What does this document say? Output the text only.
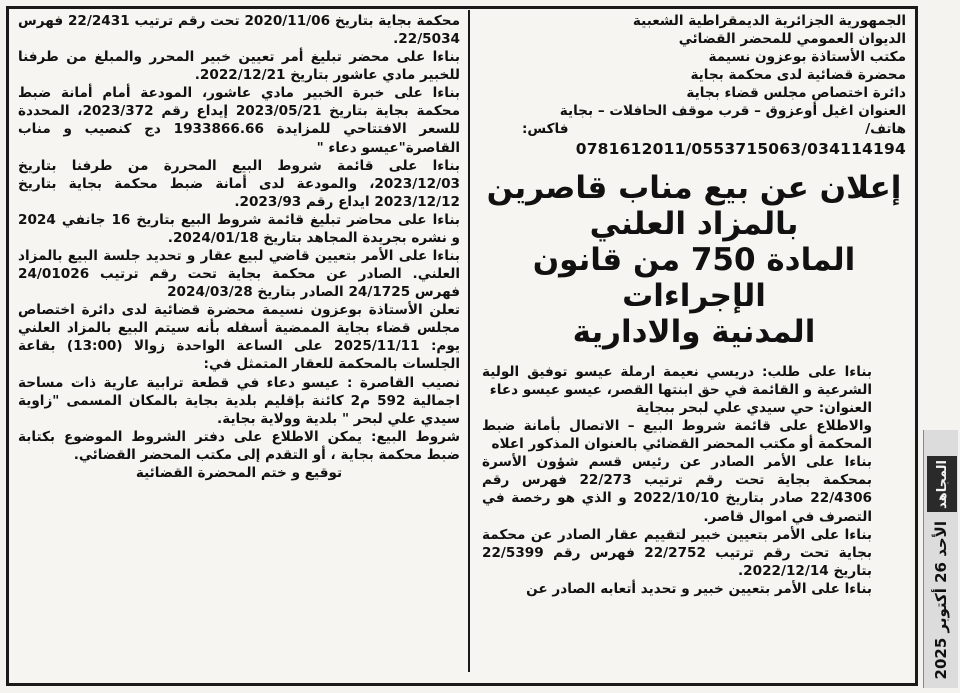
الجمهورية الجزائرية الديمقراطية الشعبية

الديوان العمومي للمحضر القضائي

مكتب الأستاذة بوعزون نسيمة

محضرة قضائية لدى محكمة بجاية

دائرة اختصاص مجلس قضاء بجاية

العنوان اغيل أوعزوق – قرب موقف الحافلات – بجاية

هاتف/
فاكس:

0781612011/0553715063/034114194

إعلان عن بيع مناب قاصرين

بالمزاد العلني

المادة 750 من قانون الإجراءات

المدنية والادارية

بناءا على طلب: دريسي نعيمة ارملة عيسو توفيق الولية الشرعية و القائمة في حق ابنتها القصر، عيسو عيسو دعاء

العنوان: حي سيدي علي لبحر ببجاية

والاطلاع على قائمة شروط البيع – الاتصال بأمانة ضبط المحكمة أو مكتب المحضر القضائي بالعنوان المذكور اعلاه

بناءا على الأمر الصادر عن رئيس قسم شؤون الأسرة بمحكمة بجاية تحت رقم ترتيب 22/273 فهرس رقم 22/4306 صادر بتاريخ 2022/10/10 و الذي هو رخصة في التصرف في اموال قاصر.

بناءا على الأمر بتعيين خبير لتقييم عقار الصادر عن محكمة بجاية تحت رقم ترتيب 22/2752 فهرس رقم 22/5399 بتاريخ 2022/12/14.

بناءا على الأمر بتعيين خبير و تحديد أتعابه الصادر عن

محكمة بجاية بتاريخ 2020/11/06 تحت رقم ترتيب 22/2431 فهرس 22/5034.

بناءا على محضر تبليغ أمر تعيين خبير المحرر والمبلغ من طرفنا للخبير مادي عاشور بتاريخ 2022/12/21.

بناءا على خبرة الخبير مادي عاشور، المودعة أمام أمانة ضبط محكمة بجاية بتاريخ 2023/05/21 إيداع رقم 2023/372، المحددة للسعر الافتتاحي للمزايدة 1933866.66 دج كنصيب و مناب القاصرة"عيسو دعاء "

بناءا على قائمة شروط البيع المحررة من طرفنا بتاريخ 2023/12/03، والمودعة لدى أمانة ضبط محكمة بجاية بتاريخ 2023/12/12 ايداع رقم 2023/93.

بناءا على محاضر تبليغ قائمة شروط البيع بتاريخ 16 جانفي 2024 و نشره بجريدة المجاهد بتاريخ 2024/01/18.

بناءا على الأمر بتعيين قاضي لبيع عقار و تحديد جلسة البيع بالمزاد العلني. الصادر عن محكمة بجاية تحت رقم ترتيب 24/01026 فهرس 24/1725 الصادر بتاريخ 2024/03/28

تعلن الأستاذة بوعزون نسيمة محضرة قضائية لدى دائرة اختصاص مجلس قضاء بجاية الممضية أسفله بأنه سيتم البيع بالمزاد العلني يوم: 2025/11/11 على الساعة الواحدة زوالا (13:00) بقاعة الجلسات بالمحكمة للعقار المتمثل في:

نصيب القاصرة : عيسو دعاء في قطعة ترابية عارية ذات مساحة اجمالية 592 م2 كائنة بإقليم بلدية بجاية بالمكان المسمى "زاوية سيدي علي لبحر " بلدية وولاية بجاية.

شروط البيع: يمكن الاطلاع على دفتر الشروط الموضوع بكتابة ضبط محكمة بجاية ، أو التقدم إلى مكتب المحضر القضائي.

توقيع و ختم المحضرة القضائية	المجاهد
الأحد 26 أكتوبر 2025
